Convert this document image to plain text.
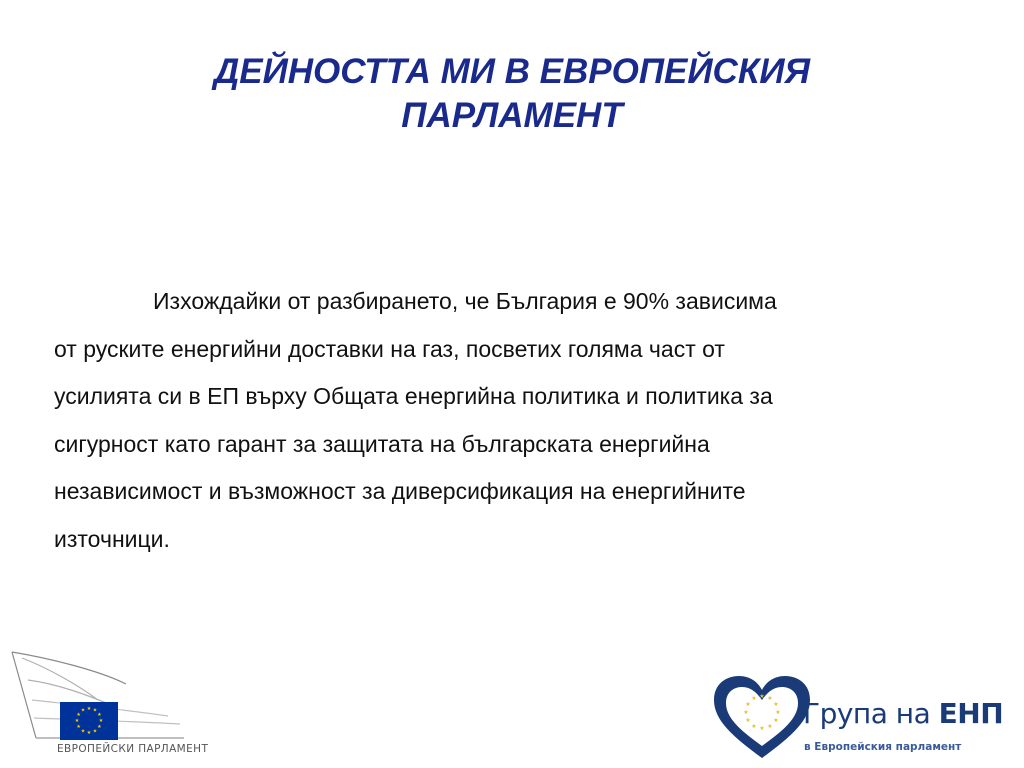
ДЕЙНОСТТА МИ В ЕВРОПЕЙСКИЯ
ПАРЛАМЕНТ
Изхождайки от разбирането, че България е 90% зависима
от руските енергийни доставки на газ, посветих голяма част от
усилията си в ЕП върху Общата енергийна политика и политика за
сигурност като гарант за защитата на българската енергийна
независимост и възможност за диверсификация на енергийните
източници.
★ ★
★
★
★
★
★
★
★
★
★
★
ЕВРОПЕЙСКИ ПАРЛАМЕНТ
★ ★
★
★
★
★
★
★
★
★
★
★ Група на ЕНП
в Европейския парламент
